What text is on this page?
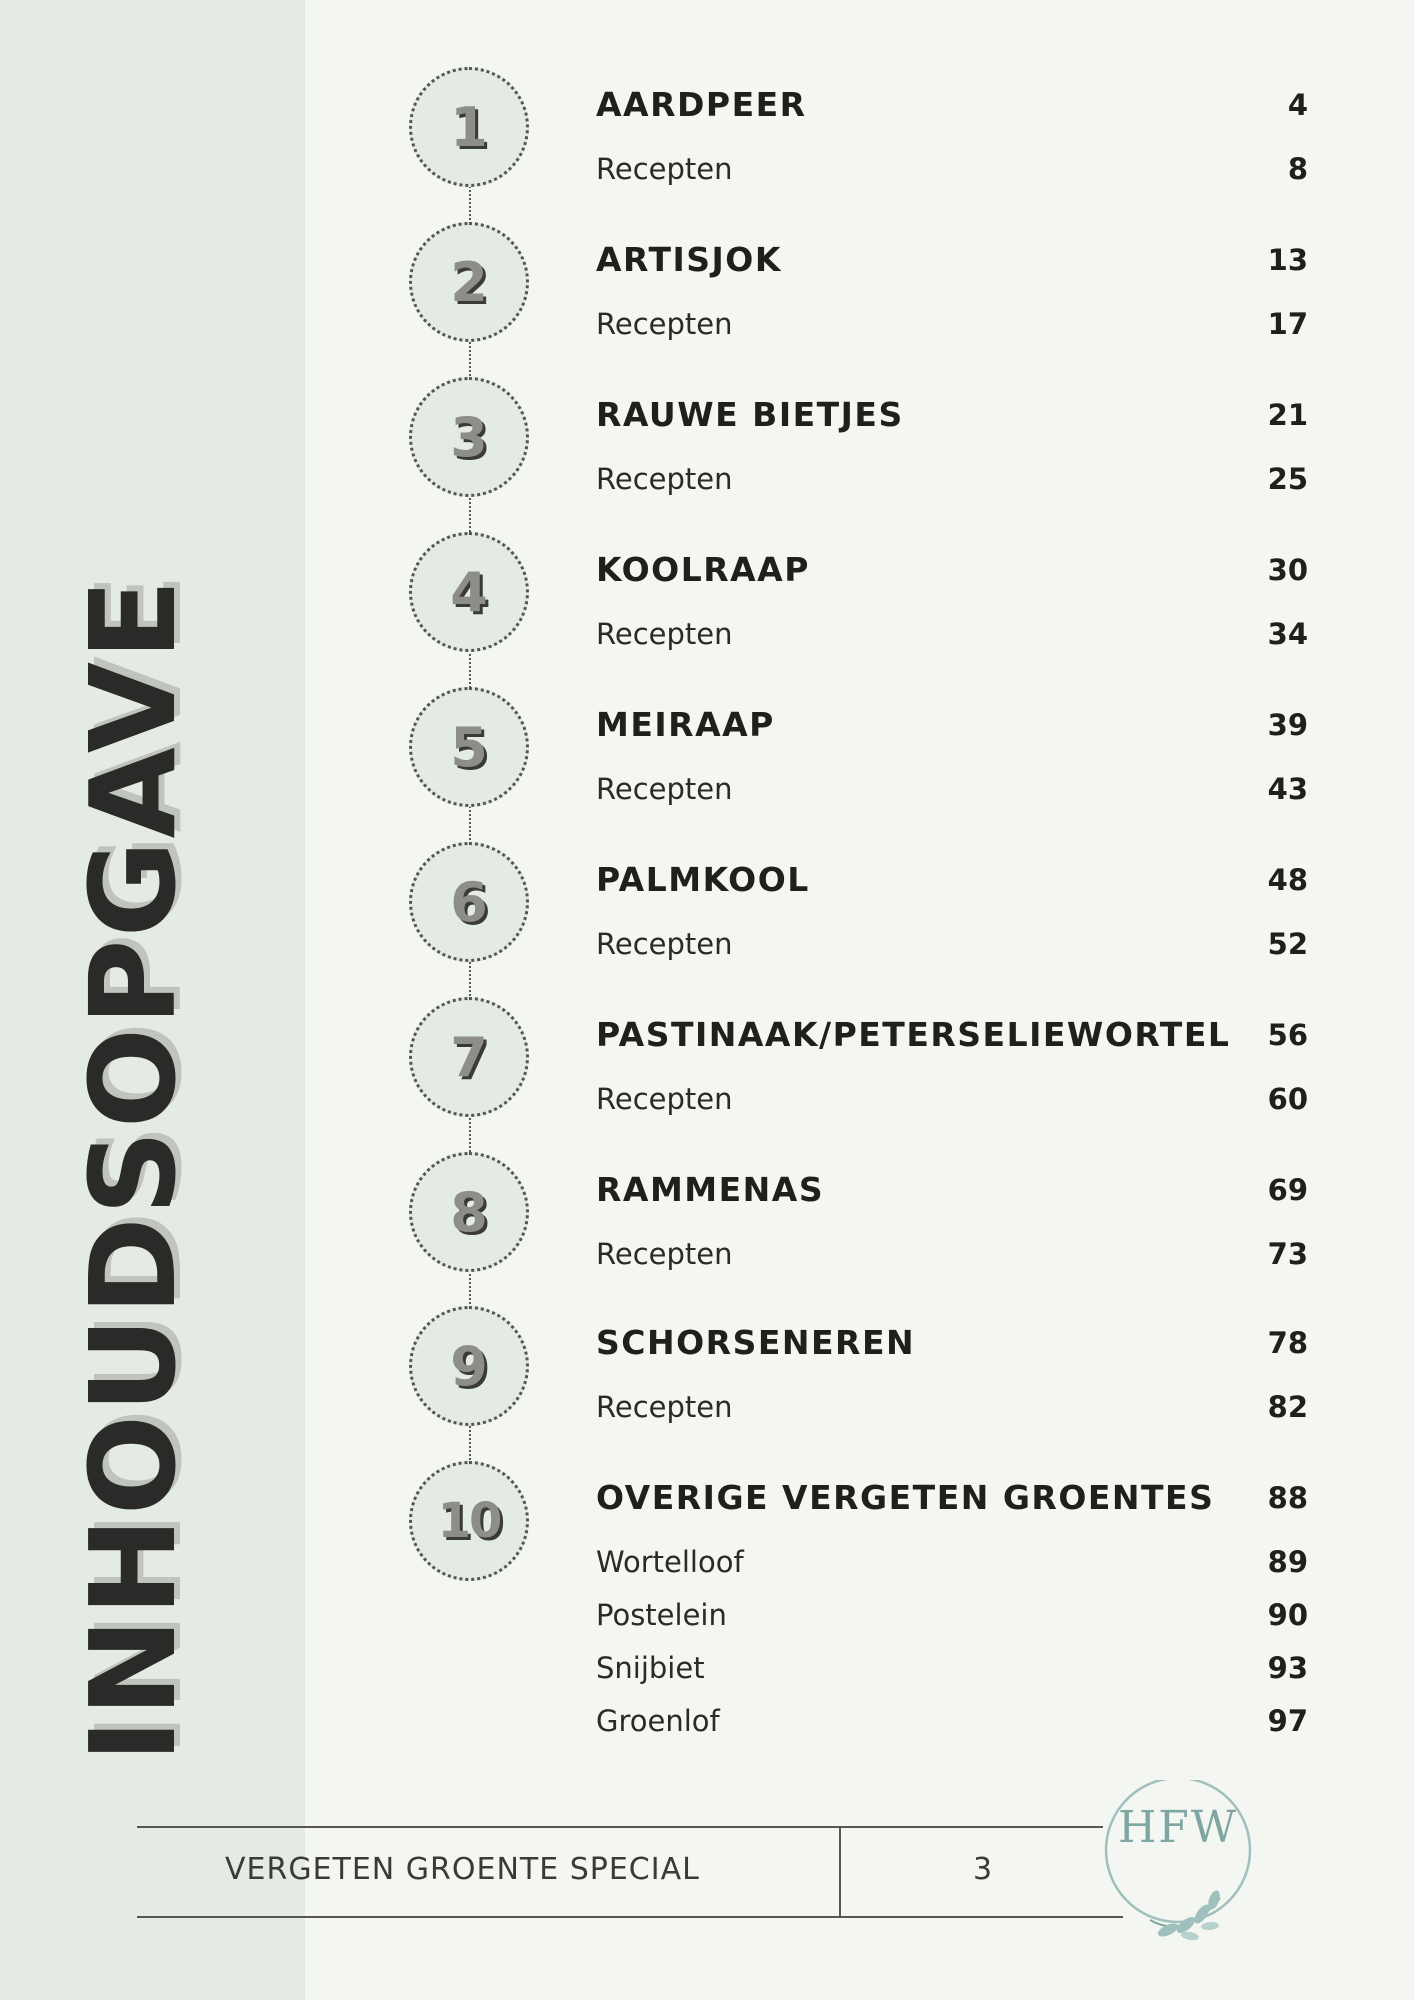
INHOUDSOPGAVE
1	AARDPEER	4
Recepten	8
2	ARTISJOK	13
Recepten	17
3	RAUWE BIETJES	21
Recepten	25
4	KOOLRAAP	30
Recepten	34
5	MEIRAAP	39
Recepten	43
6	PALMKOOL	48
Recepten	52
7	PASTINAAK/PETERSELIEWORTEL	56
Recepten	60
8	RAMMENAS	69
Recepten	73
9	SCHORSENEREN	78
Recepten	82
10	OVERIGE VERGETEN GROENTES	88
Wortelloof	89
Postelein	90
Snijbiet	93
Groenlof	97
VERGETEN GROENTE SPECIAL	3
HFW
